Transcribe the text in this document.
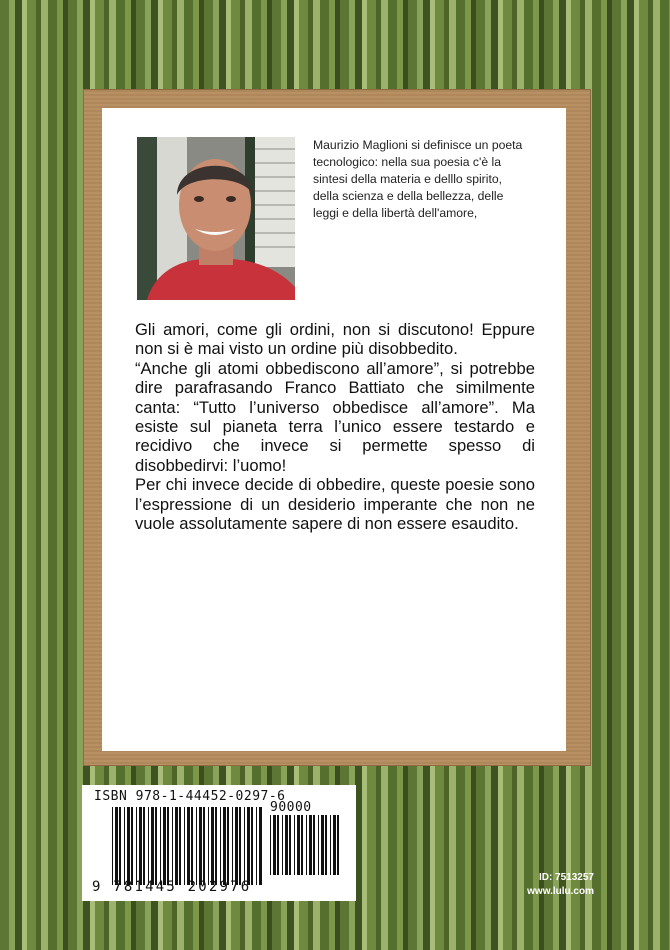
Maurizio Maglioni si definisce un poeta
tecnologico: nella sua poesia c'è la
sintesi della materia e delllo spirito,
della scienza e della bellezza, delle
leggi e della libertà dell'amore,

Gli amori, come gli ordini, non si discutono! Eppure non si è mai visto un ordine più disobbedito.

“Anche gli atomi obbediscono all’amore”, si potrebbe dire parafrasando Franco Battiato che similmente canta: “Tutto l’universo obbedisce all’amore”. Ma esiste sul pianeta terra l’unico essere testardo e recidivo che invece si permette spesso di disobbedirvi: l’uomo!

Per chi invece decide di obbedire, queste poesie sono l’espressione di un desiderio imperante che non ne vuole assolutamente sapere di non essere esaudito.

ISBN 978-1-44452-0297-6
90000
9 781445 202976
ID: 7513257
www.lulu.com
